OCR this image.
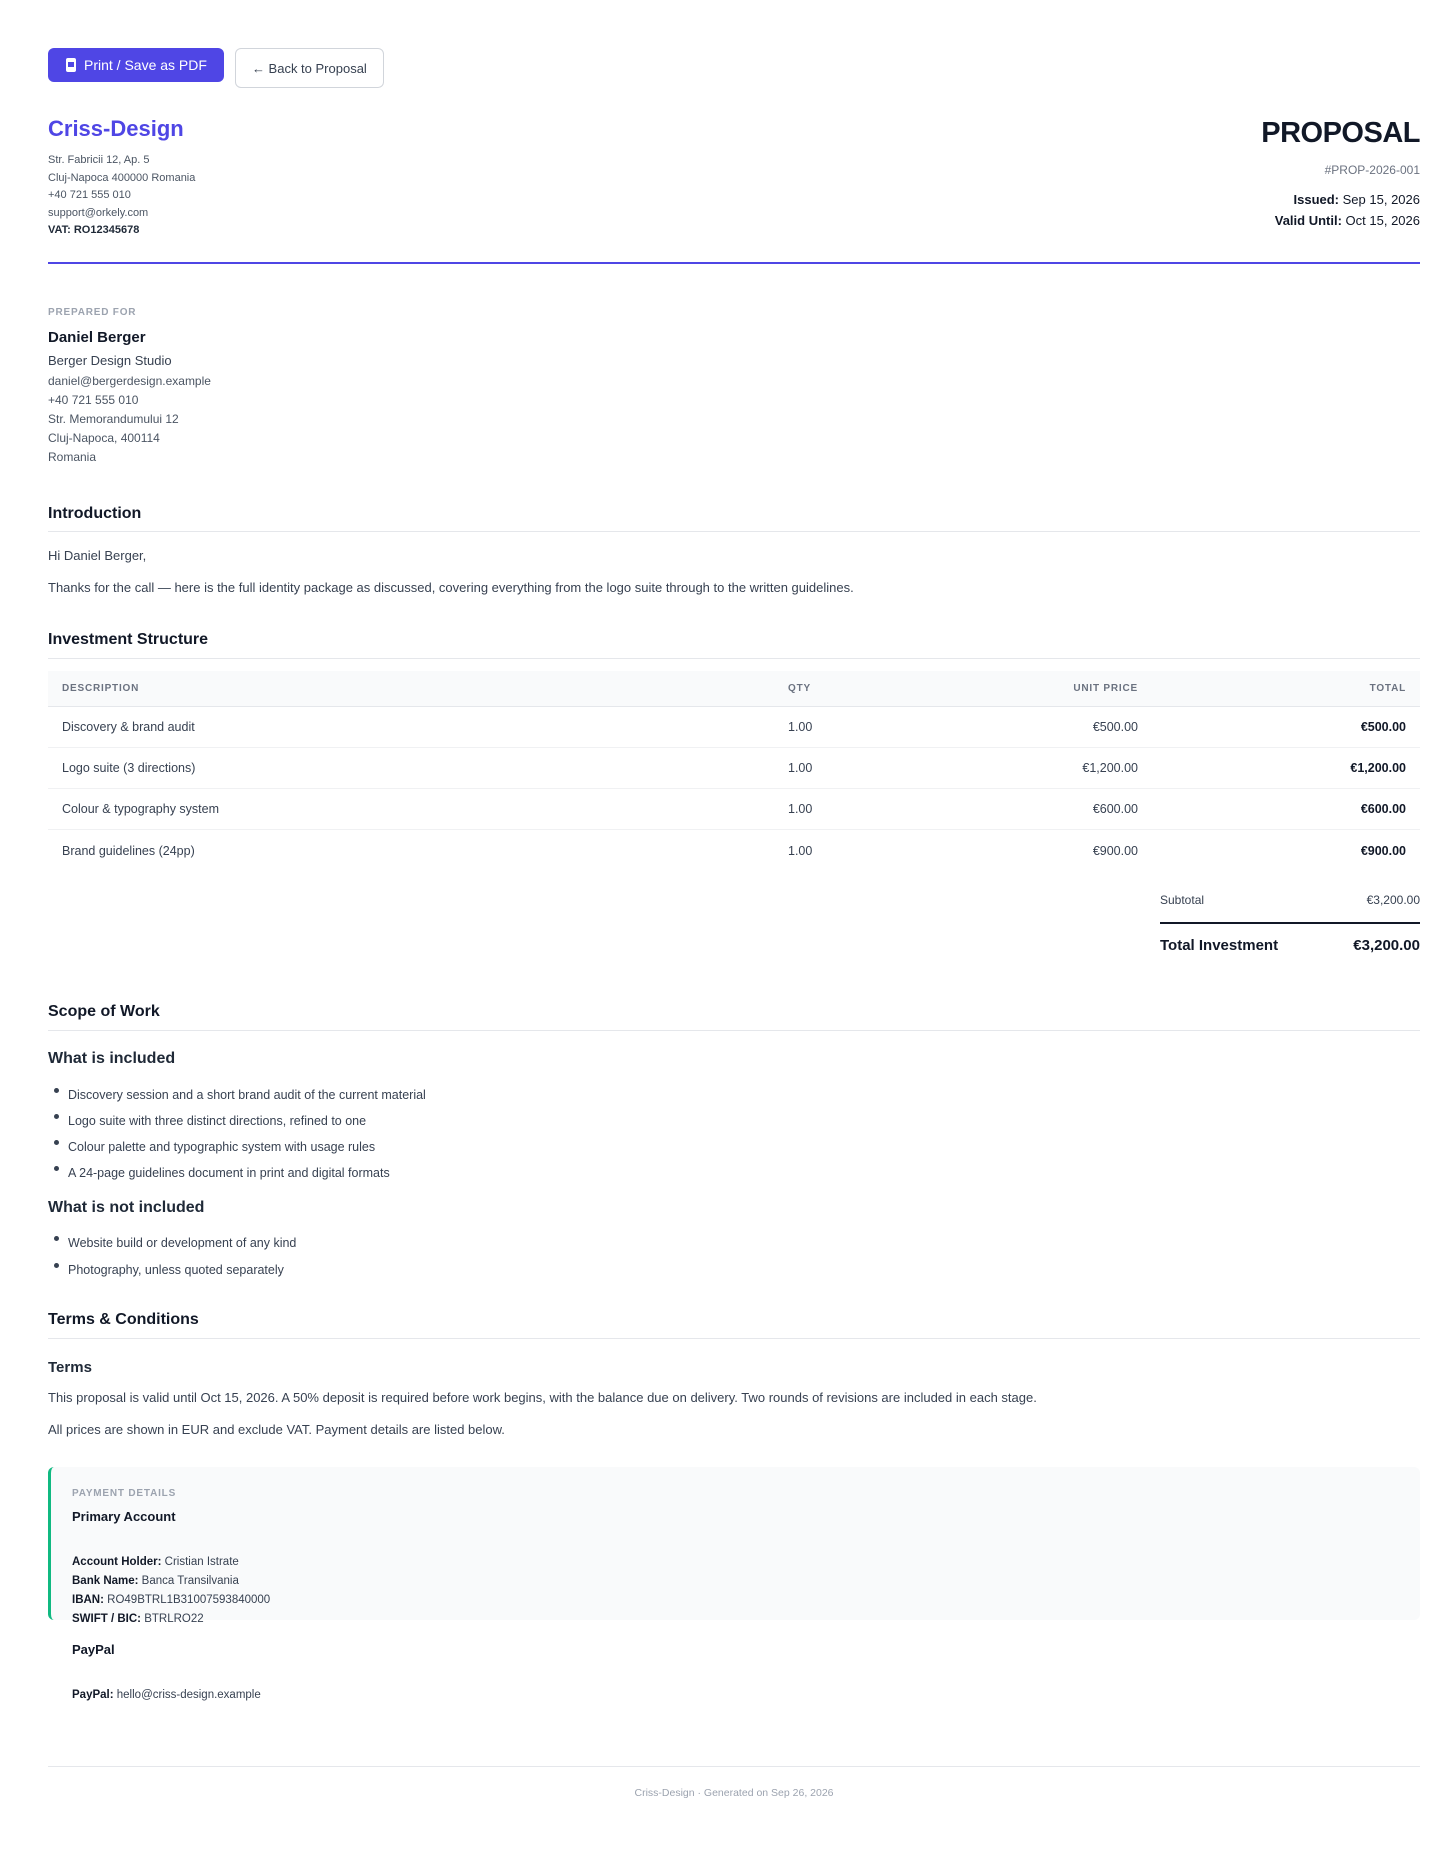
Print / Save as PDF	← Back to Proposal
Criss-Design
Str. Fabricii 12, Ap. 5
Cluj-Napoca 400000 Romania
+40 721 555 010
support@orkely.com
VAT: RO12345678
PROPOSAL
#PROP-2026-001
Issued: Sep 15, 2026
Valid Until: Oct 15, 2026
PREPARED FOR
Daniel Berger
Berger Design Studio
daniel@bergerdesign.example
+40 721 555 010
Str. Memorandumului 12
Cluj-Napoca, 400114
Romania
Introduction
Hi Daniel Berger,
Thanks for the call — here is the full identity package as discussed, covering everything from the logo suite through to the written guidelines.
Investment Structure
DESCRIPTION	QTY	UNIT PRICE	TOTAL
Discovery & brand audit	1.00	€500.00	€500.00
Logo suite (3 directions)	1.00	€1,200.00	€1,200.00
Colour & typography system	1.00	€600.00	€600.00
Brand guidelines (24pp)	1.00	€900.00	€900.00
Subtotal	€3,200.00
Total Investment	€3,200.00
Scope of Work
What is included
Discovery session and a short brand audit of the current material
Logo suite with three distinct directions, refined to one
Colour palette and typographic system with usage rules
A 24-page guidelines document in print and digital formats
What is not included
Website build or development of any kind
Photography, unless quoted separately
Terms & Conditions
Terms
This proposal is valid until Oct 15, 2026. A 50% deposit is required before work begins, with the balance due on delivery. Two rounds of revisions are included in each stage.
All prices are shown in EUR and exclude VAT. Payment details are listed below.
PAYMENT DETAILS
Primary Account
Account Holder: Cristian Istrate
Bank Name: Banca Transilvania
IBAN: RO49BTRL1B31007593840000
SWIFT / BIC: BTRLRO22
PayPal
PayPal: hello@criss-design.example
Criss-Design · Generated on Sep 26, 2026
